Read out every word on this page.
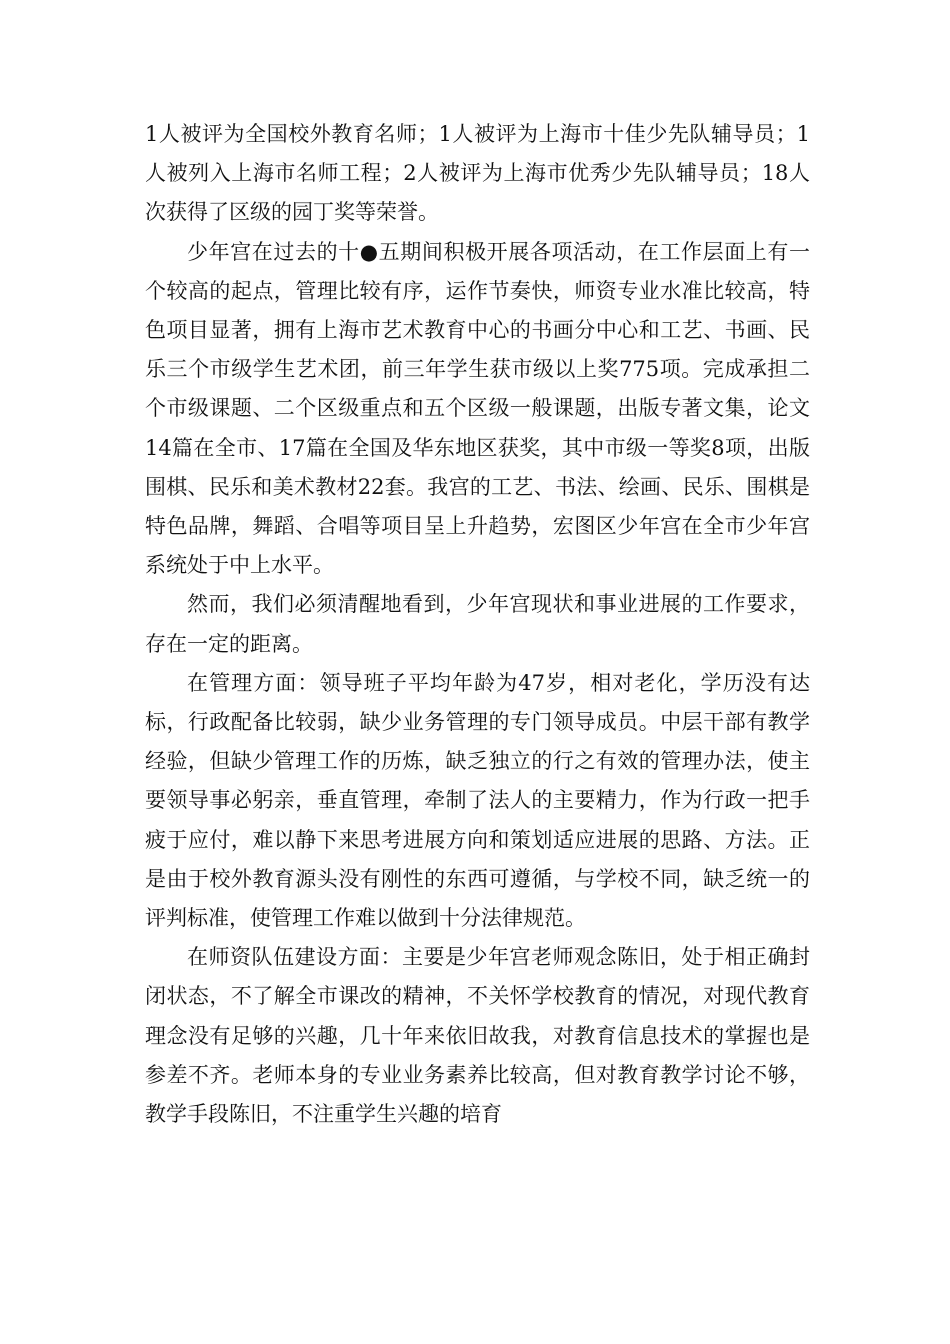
1人被评为全国校外教育名师；1人被评为上海市十佳少先队辅导员；1人被列入上海市名师工程；2人被评为上海市优秀少先队辅导员；18人次获得了区级的园丁奖等荣誉。

少年宫在过去的十●五期间积极开展各项活动，在工作层面上有一个较高的起点，管理比较有序，运作节奏快，师资专业水准比较高，特色项目显著，拥有上海市艺术教育中心的书画分中心和工艺、书画、民乐三个市级学生艺术团，前三年学生获市级以上奖775项。完成承担二个市级课题、二个区级重点和五个区级一般课题，出版专著文集，论文14篇在全市、17篇在全国及华东地区获奖，其中市级一等奖8项，出版围棋、民乐和美术教材22套。我宫的工艺、书法、绘画、民乐、围棋是特色品牌，舞蹈、合唱等项目呈上升趋势，宏图区少年宫在全市少年宫系统处于中上水平。

然而，我们必须清醒地看到，少年宫现状和事业进展的工作要求，存在一定的距离。

在管理方面：领导班子平均年龄为47岁，相对老化，学历没有达标，行政配备比较弱，缺少业务管理的专门领导成员。中层干部有教学经验，但缺少管理工作的历炼，缺乏独立的行之有效的管理办法，使主要领导事必躬亲，垂直管理，牵制了法人的主要精力，作为行政一把手疲于应付，难以静下来思考进展方向和策划适应进展的思路、方法。正是由于校外教育源头没有刚性的东西可遵循，与学校不同，缺乏统一的评判标准，使管理工作难以做到十分法律规范。

在师资队伍建设方面：主要是少年宫老师观念陈旧，处于相正确封闭状态，不了解全市课改的精神，不关怀学校教育的情况，对现代教育理念没有足够的兴趣，几十年来依旧故我，对教育信息技术的掌握也是参差不齐。老师本身的专业业务素养比较高，但对教育教学讨论不够，教学手段陈旧，不注重学生兴趣的培育
